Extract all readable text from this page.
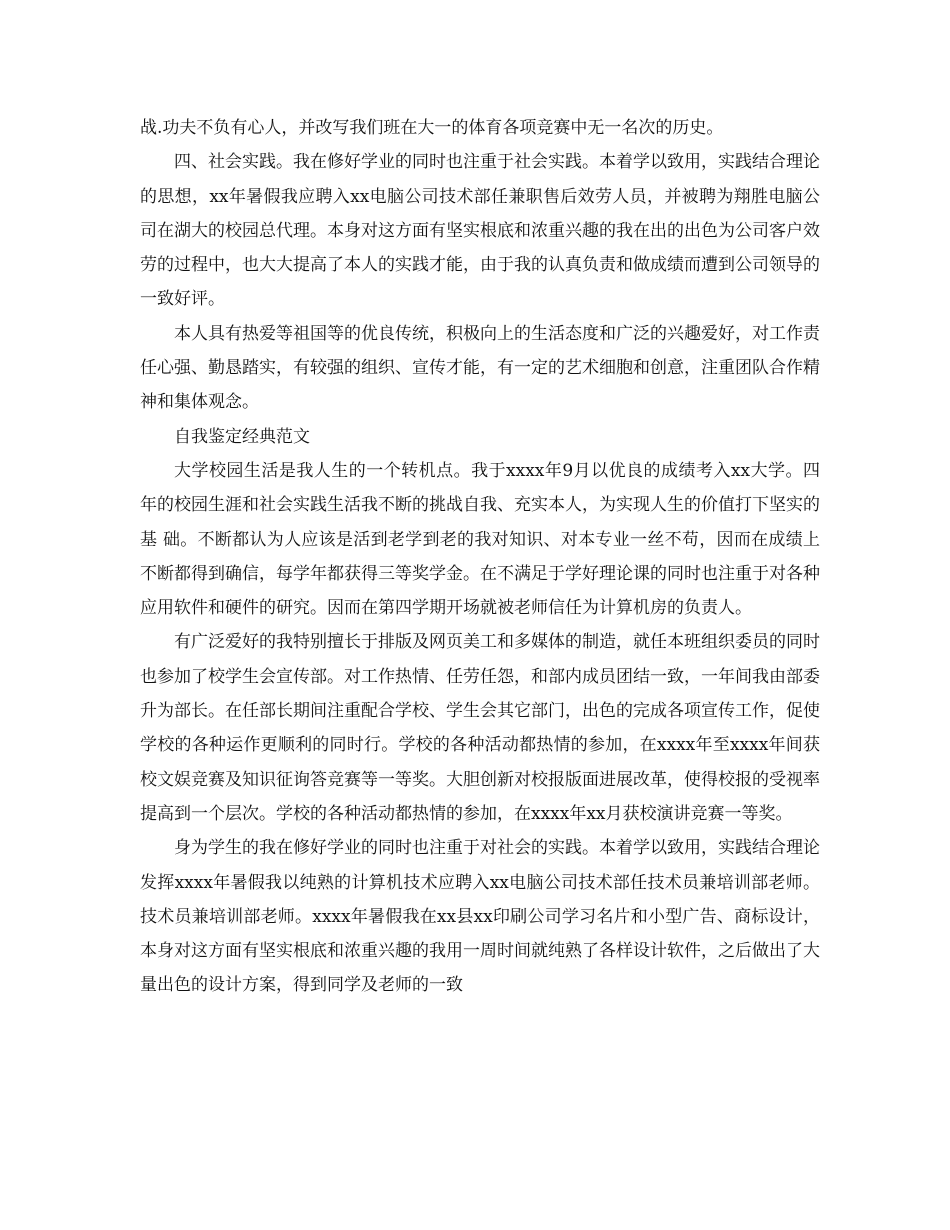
战.功夫不负有心人，并改写我们班在大一的体育各项竞赛中无一名次的历史。

四、社会实践。我在修好学业的同时也注重于社会实践。本着学以致用，实践结合理论的思想，xx年暑假我应聘入xx电脑公司技术部任兼职售后效劳人员，并被聘为翔胜电脑公司在湖大的校园总代理。本身对这方面有坚实根底和浓重兴趣的我在出的出色为公司客户效劳的过程中，也大大提高了本人的实践才能，由于我的认真负责和做成绩而遭到公司领导的一致好评。

本人具有热爱等祖国等的优良传统，积极向上的生活态度和广泛的兴趣爱好，对工作责任心强、勤恳踏实，有较强的组织、宣传才能，有一定的艺术细胞和创意，注重团队合作精神和集体观念。

自我鉴定经典范文

大学校园生活是我人生的一个转机点。我于xxxx年9月以优良的成绩考入xx大学。四年的校园生涯和社会实践生活我不断的挑战自我、充实本人，为实现人生的价值打下坚实的基 础。不断都认为人应该是活到老学到老的我对知识、对本专业一丝不苟，因而在成绩上不断都得到确信，每学年都获得三等奖学金。在不满足于学好理论课的同时也注重于对各种应用软件和硬件的研究。因而在第四学期开场就被老师信任为计算机房的负责人。

有广泛爱好的我特别擅长于排版及网页美工和多媒体的制造，就任本班组织委员的同时也参加了校学生会宣传部。对工作热情、任劳任怨，和部内成员团结一致，一年间我由部委升为部长。在任部长期间注重配合学校、学生会其它部门，出色的完成各项宣传工作，促使学校的各种运作更顺利的同时行。学校的各种活动都热情的参加，在xxxx年至xxxx年间获校文娱竞赛及知识征询答竞赛等一等奖。大胆创新对校报版面进展改革，使得校报的受视率提高到一个层次。学校的各种活动都热情的参加，在xxxx年xx月获校演讲竞赛一等奖。

身为学生的我在修好学业的同时也注重于对社会的实践。本着学以致用，实践结合理论发挥xxxx年暑假我以纯熟的计算机技术应聘入xx电脑公司技术部任技术员兼培训部老师。 技术员兼培训部老师。xxxx年暑假我在xx县xx印刷公司学习名片和小型广告、商标设计，本身对这方面有坚实根底和浓重兴趣的我用一周时间就纯熟了各样设计软件，之后做出了大量出色的设计方案，得到同学及老师的一致
